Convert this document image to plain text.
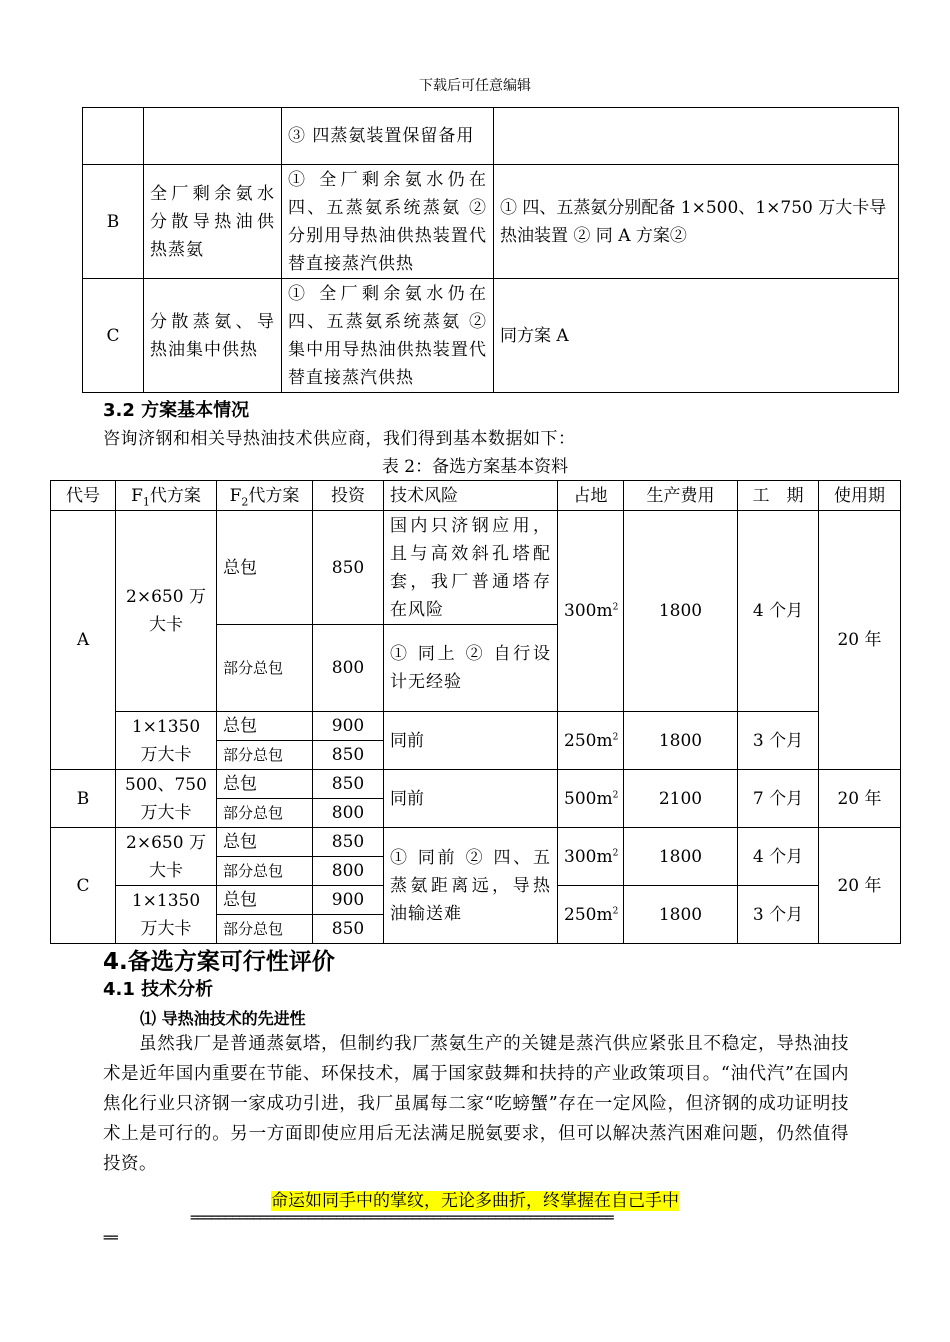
下载后可任意编辑
		③ 四蒸氨装置保留备用	
B	全厂剩余氨水分散导热油供热蒸氨	① 全厂剩余氨水仍在四、五蒸氨系统蒸氨 ② 分别用导热油供热装置代替直接蒸汽供热	① 四、五蒸氨分别配备 1×500、1×750 万大卡导热油装置 ② 同 A 方案②
C	分散蒸氨、导热油集中供热	① 全厂剩余氨水仍在四、五蒸氨系统蒸氨 ② 集中用导热油供热装置代替直接蒸汽供热	同方案 A
3.2 方案基本情况
咨询济钢和相关导热油技术供应商，我们得到基本数据如下：
表 2：备选方案基本资料
代号	$F_1$代方案	$F_2$代方案	投资	技术风险	占地	生产费用	工　期	使用期
A	2×650 万大卡	总包	850	国内只济钢应用，且与高效斜孔塔配套，我厂普通塔存在风险	$300m^2$	1800	4 个月	20 年
		部分总包	800	① 同上 ② 自行设计无经验				
	1×1350 万大卡	总包	900	同前	$250m^2$	1800	3 个月	
		部分总包	850					
B	500、750 万大卡	总包	850	同前	$500m^2$	2100	7 个月	20 年
		部分总包	800					
C	2×650 万大卡	总包	850	① 同前 ② 四、五蒸氨距离远，导热油输送难	$300m^2$	1800	4 个月	20 年
		部分总包	800					
	1×1350 万大卡	总包	900		$250m^2$	1800	3 个月	
		部分总包	850					
4.备选方案可行性评价
4.1 技术分析
⑴ 导热油技术的先进性
虽然我厂是普通蒸氨塔，但制约我厂蒸氨生产的关键是蒸汽供应紧张且不稳定，导热油技术是近年国内重要在节能、环保技术，属于国家鼓舞和扶持的产业政策项目。“油代汽”在国内焦化行业只济钢一家成功引进，我厂虽属每二家“吃螃蟹”存在一定风险，但济钢的成功证明技术上是可行的。另一方面即使应用后无法满足脱氨要求，但可以解决蒸汽困难问题，仍然值得投资。
命运如同手中的掌纹，无论多曲折，终掌握在自己手中
=============================================================
==
